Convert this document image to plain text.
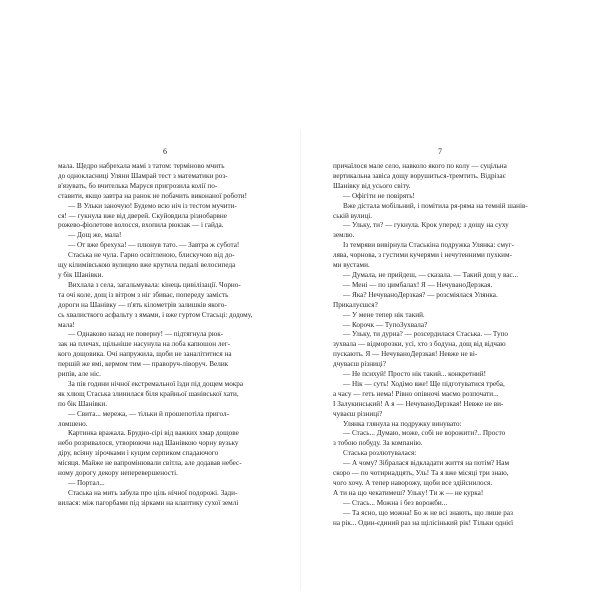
6
мала. Щедро набрехала мамі з татом: терміново мчить
до однокласниці Уляни Шамрай тест з математики роз-
в'язувать, бо вчителька Маруся пригрозила колії по-
ставити, якщо завтра на ранок не побачить виконаної роботи!
— В Ульки заночую! Будемо всю ніч із тестом мучити-
ся! — гукнула вже від дверей. Скуйовдила різнобарвне
рожево-фіолетове волосся, вхопила рюкзак — і гайда.
— Дощ же, мала!
— От вже брехуха! — плюнув тато. — Завтра ж субота!
Стаська не чула. Гарно освітленою, блискучою від до-
щу кілимівською вулицею вже крутила педалі велосипеда
у бік Шанівки.
Вихлала з села, загальмувала: кінець цивілізації. Чорно-
та очі коле, дощ із вітром з ніг збиває, попереду замість
дороги на Шанівку — п'ять кілометрів залишків якого-
сь хвалисткого асфальту з ямами, і вже гуртом Стасьці: додому,
мала!
— Однаково назад не поверну! — підтягнула рюк-
зак на плечах, щільніше насунула на лоба капюшон лег-
кого дощовика. Очі напружила, щоби не заналітитися на
першій же ямі, кермом тим — праворуч-ліворуч. Велик
рипів, але ніс.
За пів години нічної екстремальної їзди під дощем мокра
як хлющ Стаська злинилася біля крайньої шанівської хати,
по бік Шанівки.
— Свита... мережа, — тільки й прошепотіла пригол-
ломшено.
Картинка вражала. Брудно-сірі від важких хмар дощове
небо розривалося, утворюючи над Шанівкою чорну вузьку
діру, всіяну зірочками і куцим серпиком спадаючого
місяця. Майже не вапромінювали світла, але додавав небес-
ному дорогу декору неперевершеності.
— Портал...
Стаська на мить забула про ціль нічної подорожі. Зади-
вилася: між пагорбами під зірками на клаптику сухої землі
7
причаїлося мале село, навколо якого по колу — суцільна
вертикальна завіса дощу ворушиться-тремтить. Відрізає
Шанівку від усього світу.
— Офігіти не повірять!
Вже дістала мобільний, і помітила ря-ряма на темній шанів-
ській вулиці.
— Ульку, ти? — гукнула. Крок уперед: з дощу на суху
землю.
Із темряви вивірнула Стаськіна подружка Улянка: смуг-
лява, чорнова, з густими кучерями і нечутенними пухким-
ми вустами.
— Думала, не прийдеш, — сказала. — Такий дощ у вас...
— Мені — по цимбалах! Я — НечуваноДерзкая.
— Яка? НечуваноДерзкая? — розсміялася Улянка.
Прикалуєшся?
— У мене тепер нік такий.
— Корочк — ТупоЗухвала?
— Ульку, ти дурна? — розсердилася Стаська. — Тупо
зухвала — відморозки, усі, хто з бодуна, дощ від відчаю
пускають. Я — НечуваноДерзкая! Невже не ві-
дчуваєш різниці?
— Не психуй! Просто нік такий... конкретний!
— Нік — суть! Ходімо вже! Ще підготуватися треба,
а часу — геть нема! Рівно опівночі маємо розпочати...
І Залукинський! А я — НечуваноДерзкая! Невже не ви-
чуваєш різниці?
Улянка глянула на подружку винувато:
— Стась... Думаю, може, собі не ворожити?.. Просто
з тобою побуду. За компанію.
Стаська розлютувалася:
— А чому? Зібралася відкладати життя на потім? Нам
скоро — по чотирнадцять, Уль! Та я вже місяці три знаю,
чого хочу. А тепер наворожу, щоби все здійснилося.
А ти на що чекатимеш? Ульку! Ти ж — не курка!
— Стась... Можна і без ворожби...
— Та ясно, що можна! Бо ж не всі знають, що лише раз
на рік... Один-єдиний раз на щілісінький рік! Тільки однієї
